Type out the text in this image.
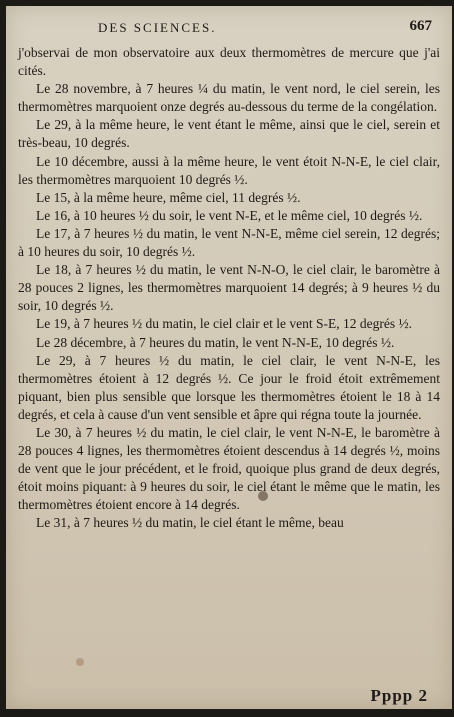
DES SCIENCES.	667

j'observai de mon observatoire aux deux thermomètres de mercure que j'ai cités.

Le 28 novembre, à 7 heures ¼ du matin, le vent nord, le ciel serein, les thermomètres marquoient onze degrés au-dessous du terme de la congélation.

Le 29, à la même heure, le vent étant le même, ainsi que le ciel, serein et très-beau, 10 degrés.

Le 10 décembre, aussi à la même heure, le vent étoit N-N-E, le ciel clair, les thermomètres marquoient 10 degrés ½.

Le 15, à la même heure, même ciel, 11 degrés ½.

Le 16, à 10 heures ½ du soir, le vent N-E, et le même ciel, 10 degrés ½.

Le 17, à 7 heures ½ du matin, le vent N-N-E, même ciel serein, 12 degrés; à 10 heures du soir, 10 degrés ½.

Le 18, à 7 heures ½ du matin, le vent N-N-O, le ciel clair, le baromètre à 28 pouces 2 lignes, les thermomètres marquoient 14 degrés; à 9 heures ½ du soir, 10 degrés ½.

Le 19, à 7 heures ½ du matin, le ciel clair et le vent S-E, 12 degrés ½.

Le 28 décembre, à 7 heures du matin, le vent N-N-E, 10 degrés ½.

Le 29, à 7 heures ½ du matin, le ciel clair, le vent N-N-E, les thermomètres étoient à 12 degrés ½. Ce jour le froid étoit extrêmement piquant, bien plus sensible que lorsque les thermomètres étoient le 18 à 14 degrés, et cela à cause d'un vent sensible et âpre qui régna toute la journée.

Le 30, à 7 heures ½ du matin, le ciel clair, le vent N-N-E, le baromètre à 28 pouces 4 lignes, les thermomètres étoient descendus à 14 degrés ½, moins de vent que le jour précédent, et le froid, quoique plus grand de deux degrés, étoit moins piquant: à 9 heures du soir, le ciel étant le même que le matin, les thermomètres étoient encore à 14 degrés.

Le 31, à 7 heures ½ du matin, le ciel étant le même, beau

Pppp 2
